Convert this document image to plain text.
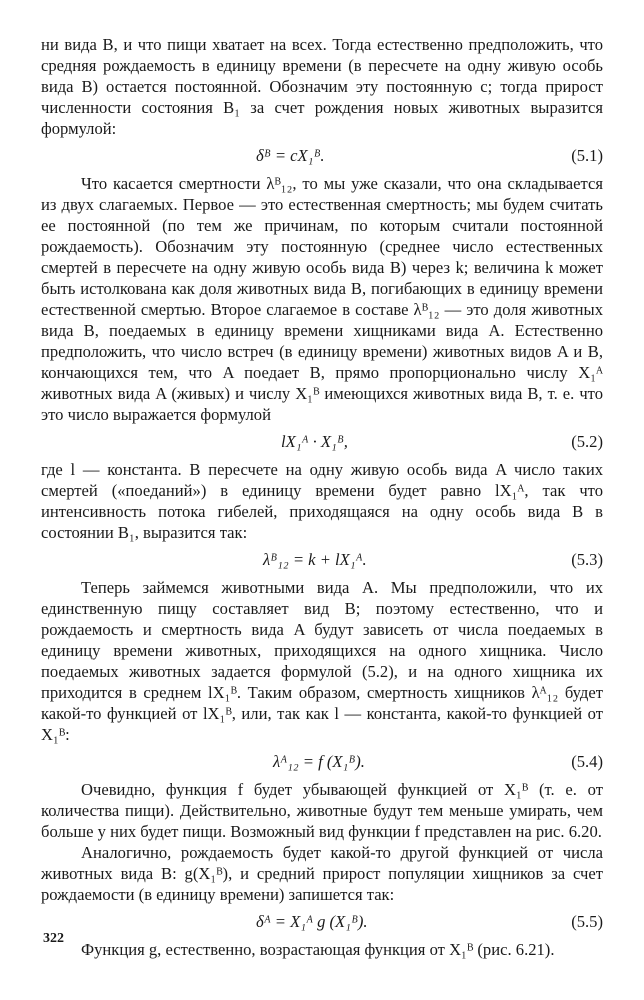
ни вида B, и что пищи хватает на всех. Тогда естественно предположить, что средняя рождаемость в единицу времени (в пересчете на одну живую особь вида B) остается постоянной. Обозначим эту постоянную c; тогда прирост численности состояния B₁ за счет рождения новых животных выразится формулой:

δᴮ = cX₁ᴮ.	(5.1)

Что касается смертности λᴮ₁₂, то мы уже сказали, что она складывается из двух слагаемых. Первое — это естественная смертность; мы будем считать ее постоянной (по тем же причинам, по которым считали постоянной рождаемость). Обозначим эту постоянную (среднее число естественных смертей в пересчете на одну живую особь вида B) через k; величина k может быть истолкована как доля животных вида B, погибающих в единицу времени естественной смертью. Второе слагаемое в составе λᴮ₁₂ — это доля животных вида B, поедаемых в единицу времени хищниками вида A. Естественно предположить, что число встреч (в единицу времени) животных видов A и B, кончающихся тем, что A поедает B, прямо пропорционально числу X₁ᴬ животных вида A (живых) и числу X₁ᴮ имеющихся животных вида B, т. е. что это число выражается формулой

lX₁ᴬ · X₁ᴮ,	(5.2)

где l — константа. В пересчете на одну живую особь вида A число таких смертей («поеданий») в единицу времени будет равно lX₁ᴬ, так что интенсивность потока гибелей, приходящаяся на одну особь вида B в состоянии B₁, выразится так:

λᴮ₁₂ = k + lX₁ᴬ.	(5.3)

Теперь займемся животными вида A. Мы предположили, что их единственную пищу составляет вид B; поэтому естественно, что и рождаемость и смертность вида A будут зависеть от числа поедаемых в единицу времени животных, приходящихся на одного хищника. Число поедаемых животных задается формулой (5.2), и на одного хищника их приходится в среднем lX₁ᴮ. Таким образом, смертность хищников λᴬ₁₂ будет какой-то функцией от lX₁ᴮ, или, так как l — константа, какой-то функцией от X₁ᴮ:

λᴬ₁₂ = f (X₁ᴮ).	(5.4)

Очевидно, функция f будет убывающей функцией от X₁ᴮ (т. е. от количества пищи). Действительно, животные будут тем меньше умирать, чем больше у них будет пищи. Возможный вид функции f представлен на рис. 6.20.

Аналогично, рождаемость будет какой-то другой функцией от числа животных вида B: g(X₁ᴮ), и средний прирост популяции хищников за счет рождаемости (в единицу времени) запишется так:

δᴬ = X₁ᴬ g (X₁ᴮ).	(5.5)

Функция g, естественно, возрастающая функция от X₁ᴮ (рис. 6.21).

322
